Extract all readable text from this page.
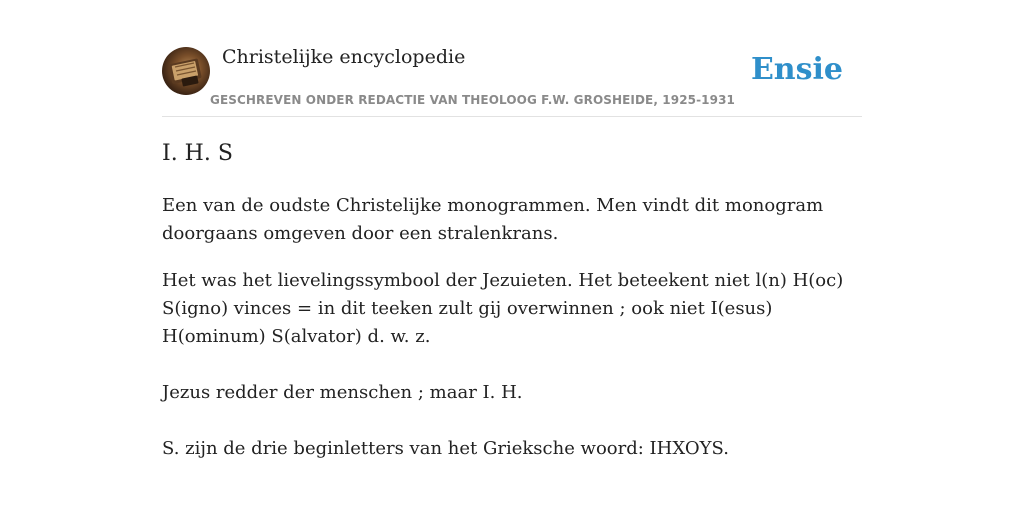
Christelijke encyclopedie
GESCHREVEN ONDER REDACTIE VAN THEOLOOG F.W. GROSHEIDE, 1925-1931
Ensie
I. H. S

Een van de oudste Christelijke monogrammen. Men vindt dit monogram doorgaans omgeven door een stralenkrans.

Het was het lievelingssymbool der Jezuieten. Het beteekent niet l(n) H(oc) S(igno) vinces = in dit teeken zult gij overwinnen ; ook niet I(esus) H(ominum) S(alvator) d. w. z.

Jezus redder der menschen ; maar I. H.

S. zijn de drie beginletters van het Grieksche woord: IHXOYS.
